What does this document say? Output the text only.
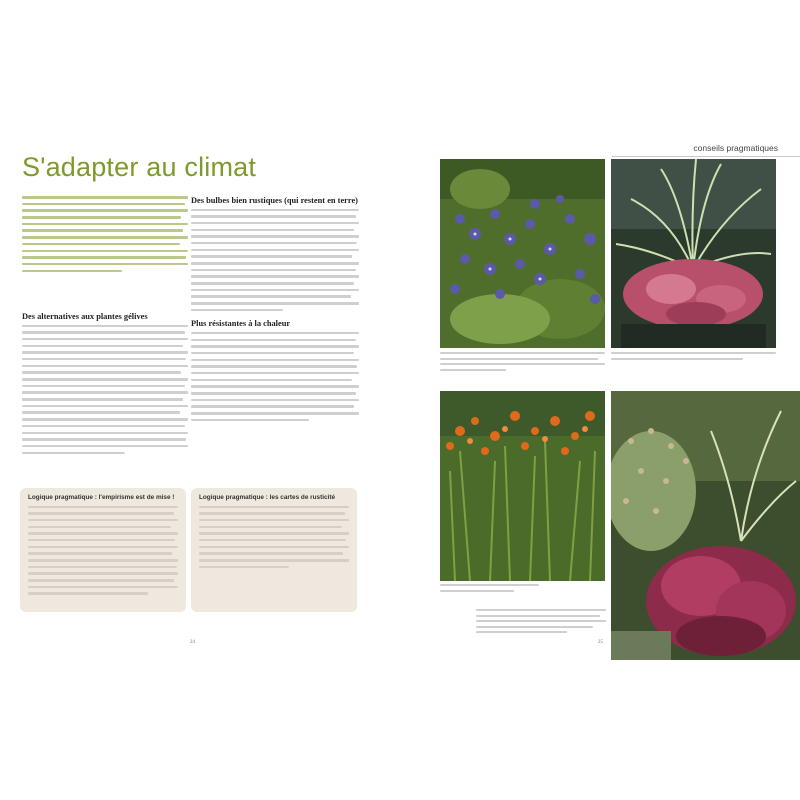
S'adapter au climat
Des alternatives aux plantes gélives
Des bulbes bien rustiques (qui restent en terre)
Plus résistantes à la chaleur
Logique pragmatique : l'empirisme est de mise !	Logique pragmatique : les cartes de rusticité
24
conseils pragmatiques
25
